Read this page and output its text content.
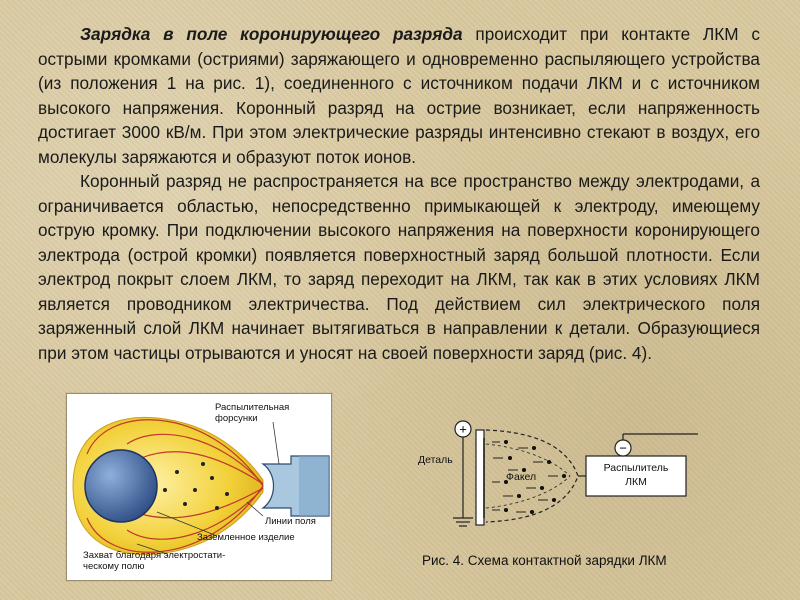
Зарядка в поле коронирующего разряда происходит при контакте ЛКМ с острыми кромками (остриями) заряжающего и одновременно распыляющего устройства (из положения 1 на рис. 1), соединенного с источником подачи ЛКМ и с источником высокого напряжения. Коронный разряд на острие возникает, если напряженность достигает 3000 кВ/м. При этом электрические разряды интенсивно стекают в воздух, его молекулы заряжаются и образуют поток ионов.

Коронный разряд не распространяется на все пространство между электродами, а ограничивается областью, непосредственно примыкающей к электроду, имеющему острую кромку. При подключении высокого напряжения на поверхности коронирующего электрода (острой кромки) появляется поверхностный заряд большой плотности. Если электрод покрыт слоем ЛКМ, то заряд переходит на ЛКМ, так как в этих условиях ЛКМ является проводником электричества. Под действием сил электрического поля заряженный слой ЛКМ начинает вытягиваться в направлении к детали. Образующиеся при этом частицы отрываются и уносят на своей поверхности заряд (рис. 4).

Распылительная
форсунки
Линии поля
Заземленное изделие
Захват благодаря электростати-
ческому полю
+
−
Деталь
Факел
Распылитель
ЛКМ
Рис. 4. Схема контактной зарядки ЛКМ
